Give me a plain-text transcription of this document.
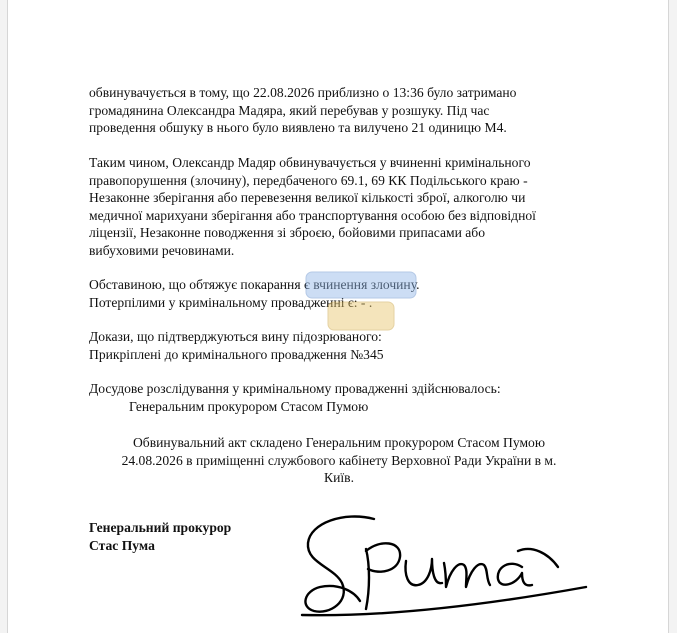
обвинувачується в тому, що 22.08.2026 приблизно о 13:36 було затримано
громадянина Олександра Мадяра, який перебував у розшуку. Під час
проведення обшуку в нього було виявлено та вилучено 21 одиницю М4.
Таким чином, Олександр Мадяр обвинувачується у вчиненні кримінального
правопорушення (злочину), передбаченого 69.1, 69 КК Подільського краю -
Незаконне зберігання або перевезення великої кількості зброї, алкоголю чи
медичної марихуани зберігання або транспортування особою без відповідної
ліцензії, Незаконне поводження зі зброєю, бойовими припасами або
вибуховими речовинами.
Обставиною, що обтяжує покарання є вчинення злочину.
Потерпілими у кримінальному провадженні є: - .
Докази, що підтверджуються вину підозрюваного:
Прикріплені до кримінального провадження №345
Досудове розслідування у кримінальному провадженні здійснювалось:
Генеральним прокурором Стасом Пумою
Обвинувальний акт складено Генеральним прокурором Стасом Пумою
24.08.2026 в приміщенні службового кабінету Верховної Ради України в м.
Київ.
Генеральний прокурор
Стас Пума
